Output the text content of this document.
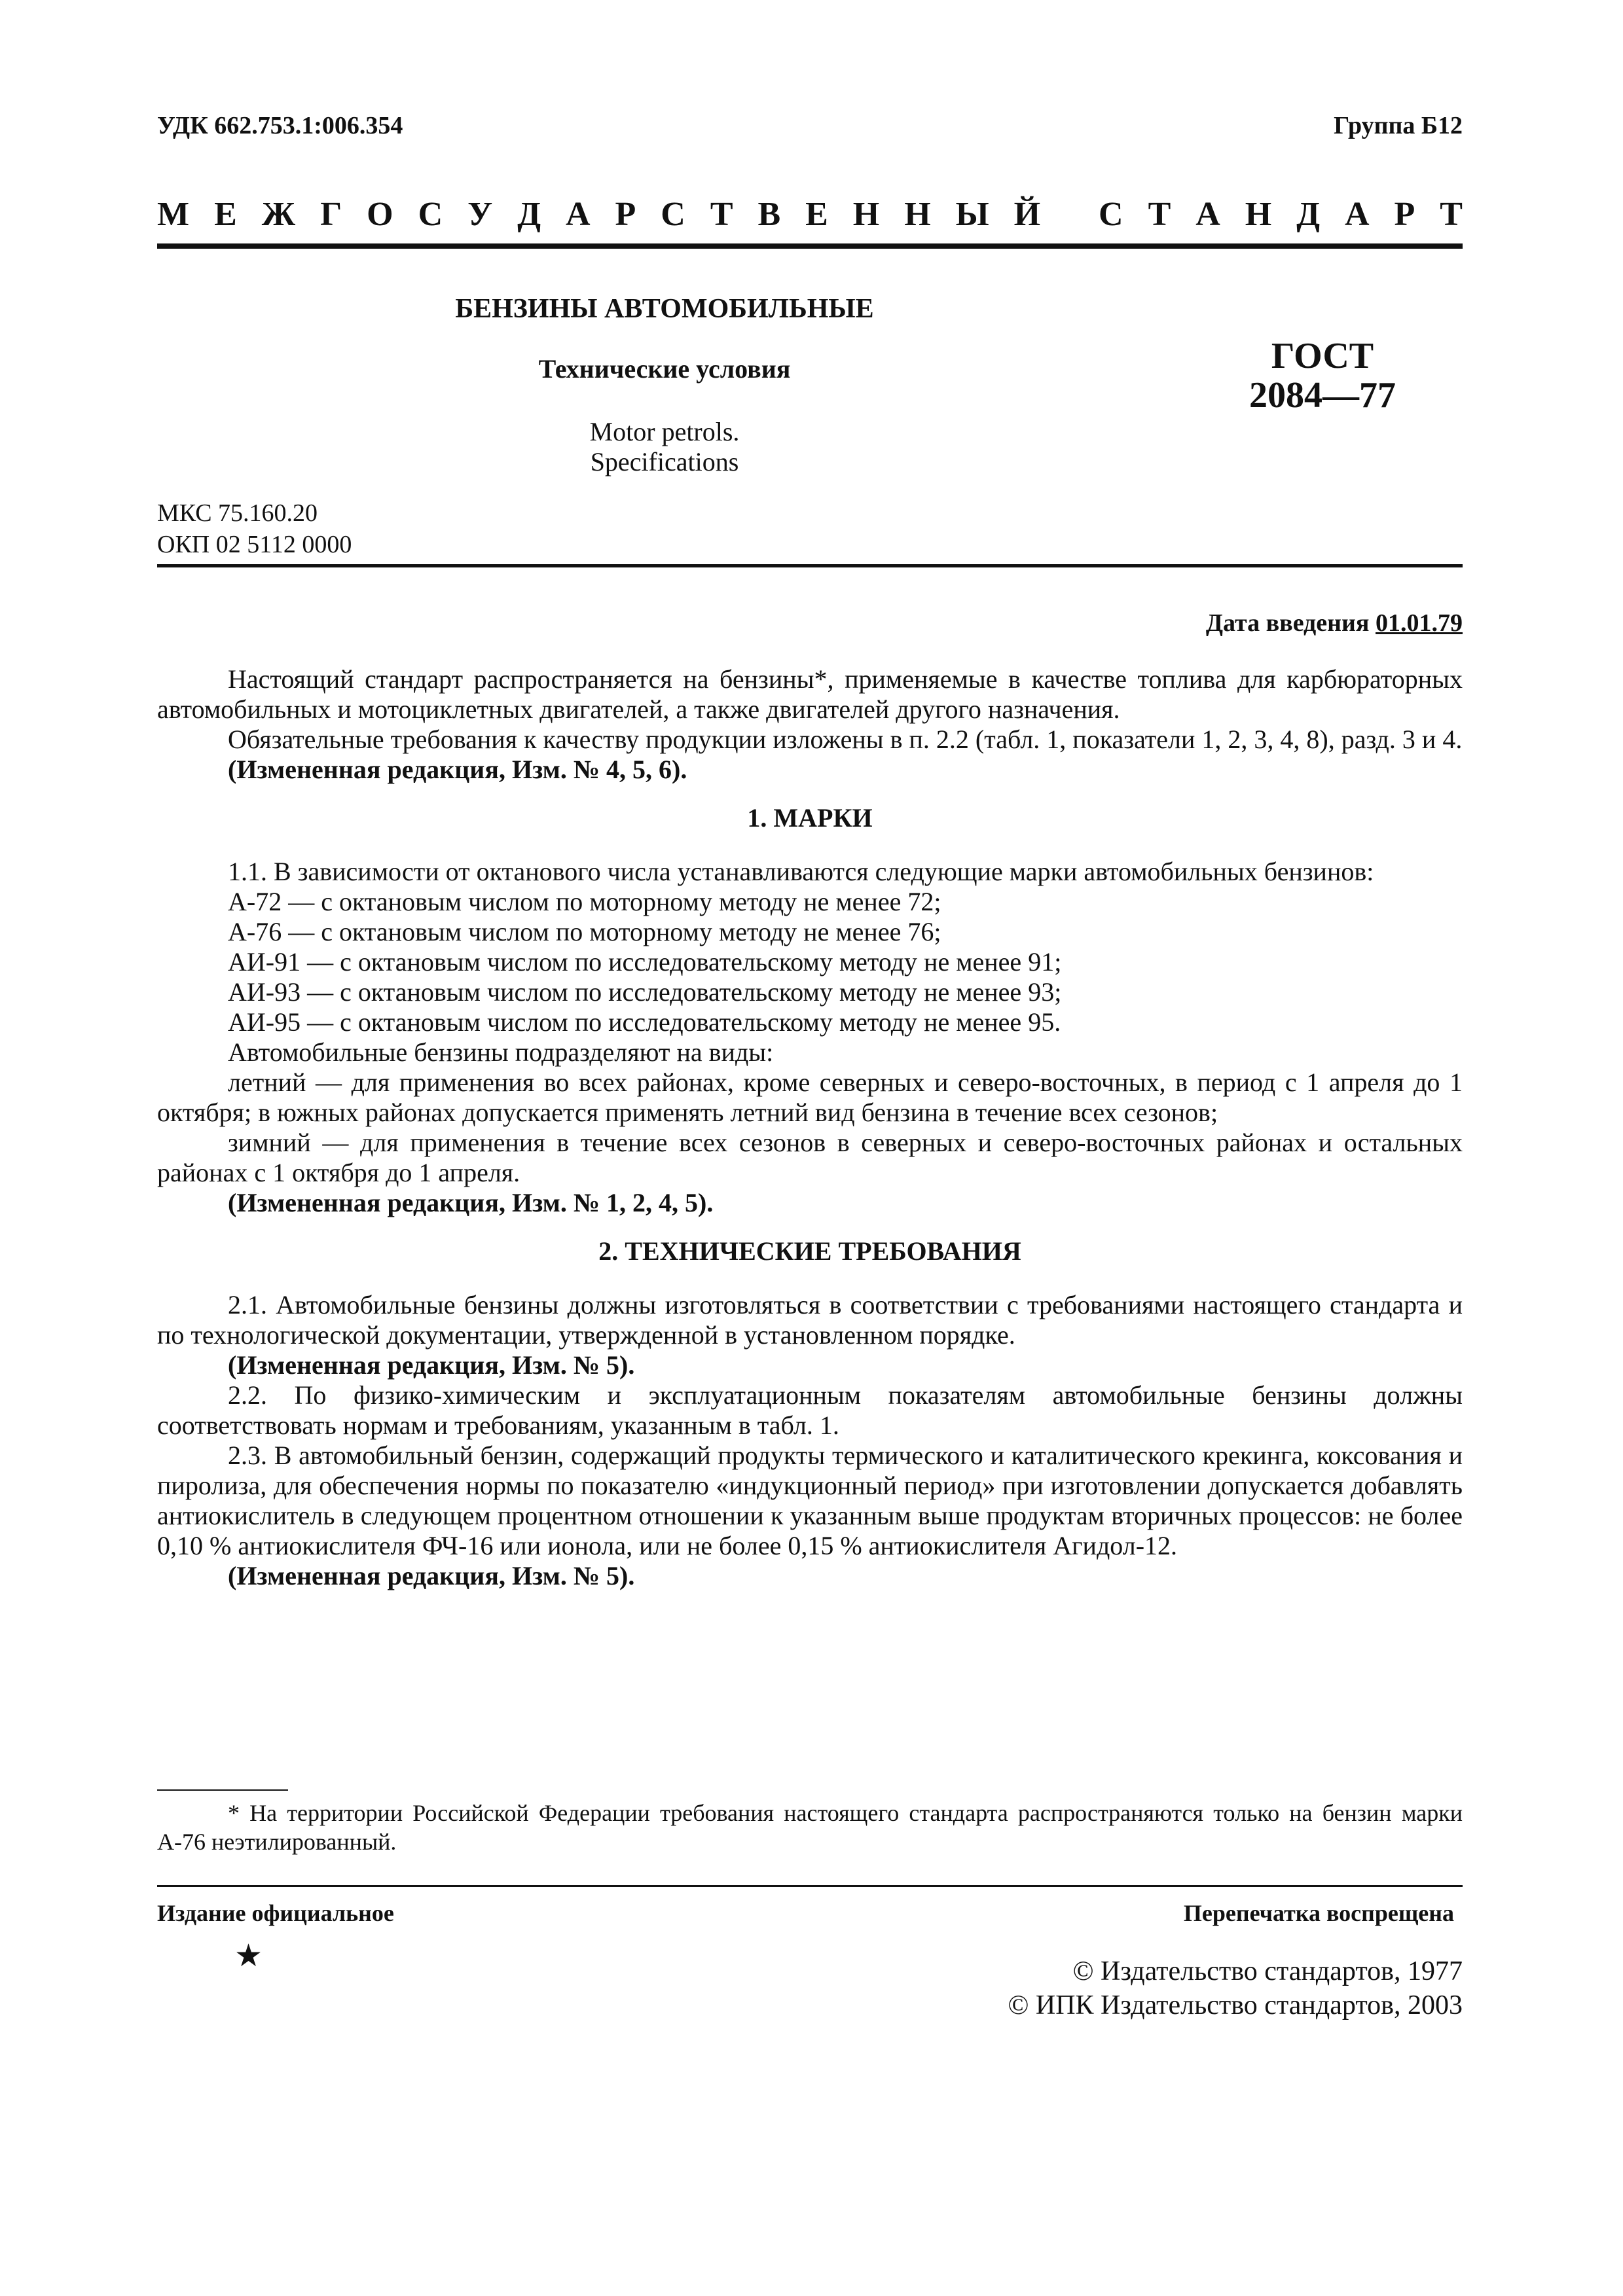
УДК 662.753.1:006.354	Группа Б12
М Е Ж Г О С У Д А Р С Т В Е Н Н Ы Й
С Т А Н Д А Р Т
БЕНЗИНЫ АВТОМОБИЛЬНЫЕ
Технические условия
Motor petrols.
Specifications
ГОСТ
2084—77
МКС 75.160.20
ОКП 02 5112 0000
Дата введения 01.01.79

Настоящий стандарт распространяется на бензины*, применяемые в качестве топлива для карбюраторных автомобильных и мотоциклетных двигателей, а также двигателей другого назначения.

Обязательные требования к качеству продукции изложены в п. 2.2 (табл. 1, показатели 1, 2, 3, 4, 8), разд. 3 и 4.

(Измененная редакция, Изм. № 4, 5, 6).

1. МАРКИ

1.1. В зависимости от октанового числа устанавливаются следующие марки автомобильных бензинов:

А-72 — с октановым числом по моторному методу не менее 72;

А-76 — с октановым числом по моторному методу не менее 76;

АИ-91 — с октановым числом по исследовательскому методу не менее 91;

АИ-93 — с октановым числом по исследовательскому методу не менее 93;

АИ-95 — с октановым числом по исследовательскому методу не менее 95.

Автомобильные бензины подразделяют на виды:

летний — для применения во всех районах, кроме северных и северо-восточных, в период с 1 апреля до 1 октября; в южных районах допускается применять летний вид бензина в течение всех сезонов;

зимний — для применения в течение всех сезонов в северных и северо-восточных районах и остальных районах с 1 октября до 1 апреля.

(Измененная редакция, Изм. № 1, 2, 4, 5).

2. ТЕХНИЧЕСКИЕ ТРЕБОВАНИЯ

2.1. Автомобильные бензины должны изготовляться в соответствии с требованиями настоящего стандарта и по технологической документации, утвержденной в установленном порядке.

(Измененная редакция, Изм. № 5).

2.2. По физико-химическим и эксплуатационным показателям автомобильные бензины должны соответствовать нормам и требованиям, указанным в табл. 1.

2.3. В автомобильный бензин, содержащий продукты термического и каталитического крекинга, коксования и пиролиза, для обеспечения нормы по показателю «индукционный период» при изготовлении допускается добавлять антиокислитель в следующем процентном отношении к указанным выше продуктам вторичных процессов: не более 0,10 % антиокислителя ФЧ-16 или ионола, или не более 0,15 % антиокислителя Агидол-12.

(Измененная редакция, Изм. № 5).

* На территории Российской Федерации требования настоящего стандарта распространяются только на бензин марки А-76 неэтилированный.
Издание официальное	Перепечатка воспрещена
★	© Издательство стандартов, 1977
© ИПК Издательство стандартов, 2003
